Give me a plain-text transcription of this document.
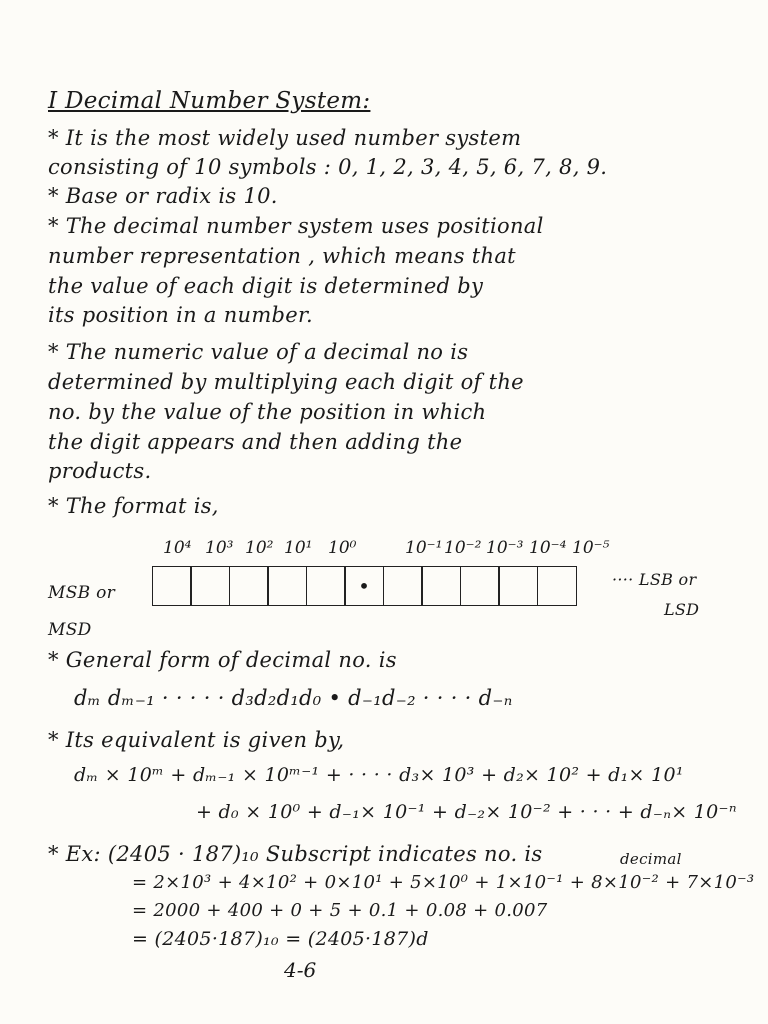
I Decimal Number System:
* It is the most widely used number system
consisting of 10 symbols : 0, 1, 2, 3, 4, 5, 6, 7, 8, 9.
* Base or radix is 10.
* The decimal number system uses positional
number representation , which means that
the value of each digit is determined by
its position in a number.
* The numeric value of a decimal no is
determined by multiplying each digit of the
no. by the value of the position in which
the digit appears and then adding the
products.
* The format is,
10⁴ 10³ 10² 10¹ 10⁰	10⁻¹ 10⁻² 10⁻³ 10⁻⁴ 10⁻⁵
MSB or
MSD
···· LSB or
LSD
•
* General form of decimal no. is
dₘ dₘ₋₁ · · · · · d₃d₂d₁d₀ • d₋₁d₋₂ · · · · d₋ₙ
* Its equivalent is given by,
dₘ × 10ᵐ + dₘ₋₁ × 10ᵐ⁻¹ + · · · · d₃× 10³ + d₂× 10² + d₁× 10¹
+ d₀ × 10⁰ + d₋₁× 10⁻¹ + d₋₂× 10⁻² + · · · + d₋ₙ× 10⁻ⁿ
* Ex: (2405 · 187)₁₀ Subscript indicates no. is	decimal
= 2×10³ + 4×10² + 0×10¹ + 5×10⁰ + 1×10⁻¹ + 8×10⁻² + 7×10⁻³
= 2000 + 400 + 0 + 5 + 0.1 + 0.08 + 0.007
= (2405·187)₁₀ = (2405·187)d
4-6
